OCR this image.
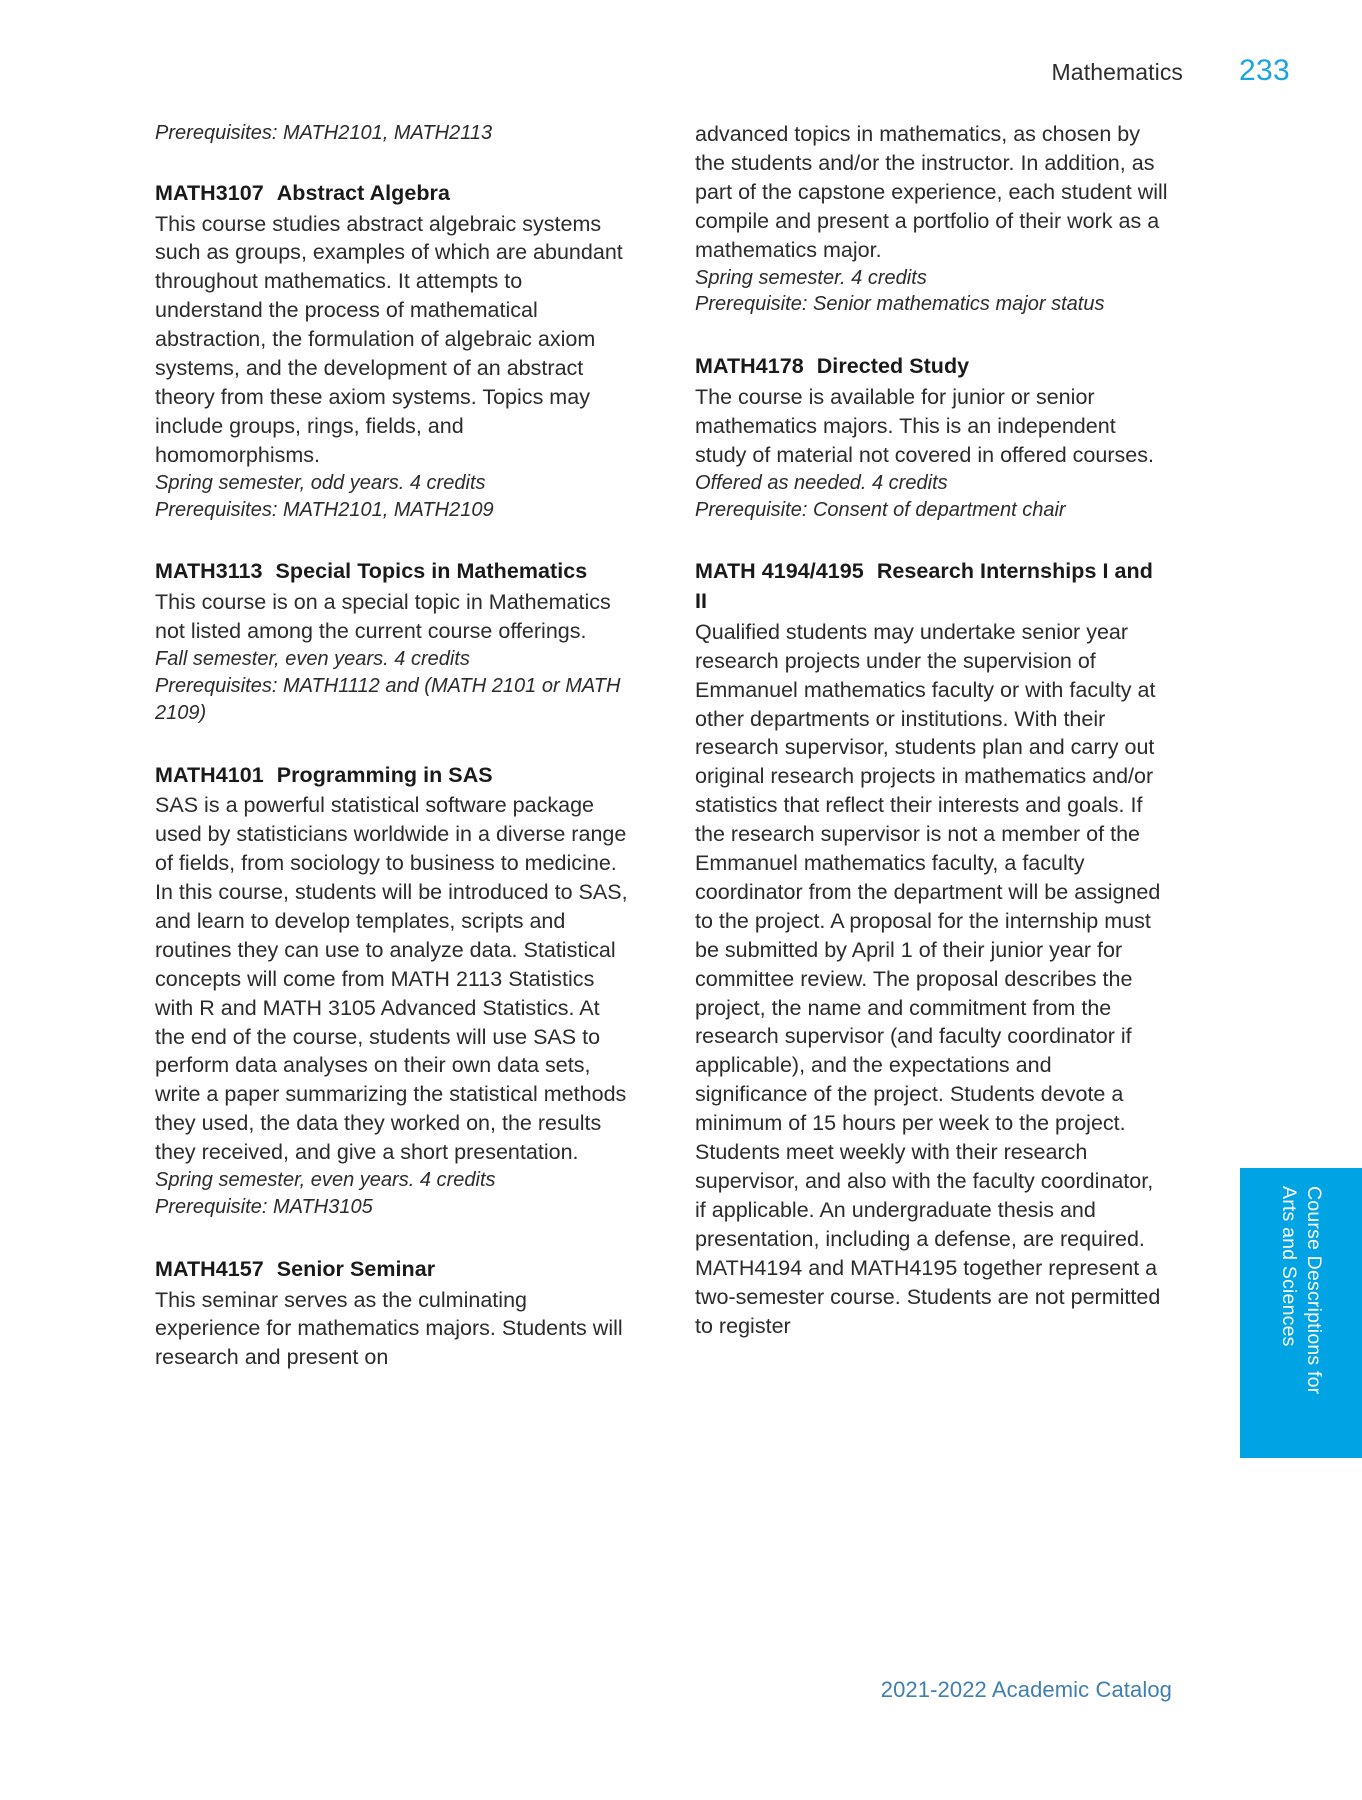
Mathematics 233

Prerequisites: MATH2101, MATH2113

MATH3107 Abstract Algebra

This course studies abstract algebraic systems such as groups, examples of which are abundant throughout mathematics. It attempts to understand the process of mathematical abstraction, the formulation of algebraic axiom systems, and the development of an abstract theory from these axiom systems. Topics may include groups, rings, fields, and homomorphisms.

Spring semester, odd years. 4 credits

Prerequisites: MATH2101, MATH2109

MATH3113 Special Topics in Mathematics

This course is on a special topic in Mathematics not listed among the current course offerings.

Fall semester, even years. 4 credits

Prerequisites: MATH1112 and (MATH 2101 or MATH 2109)

MATH4101 Programming in SAS

SAS is a powerful statistical software package used by statisticians worldwide in a diverse range of fields, from sociology to business to medicine. In this course, students will be introduced to SAS, and learn to develop templates, scripts and routines they can use to analyze data. Statistical concepts will come from MATH 2113 Statistics with R and MATH 3105 Advanced Statistics. At the end of the course, students will use SAS to perform data analyses on their own data sets, write a paper summarizing the statistical methods they used, the data they worked on, the results they received, and give a short presentation.

Spring semester, even years. 4 credits

Prerequisite: MATH3105

MATH4157 Senior Seminar

This seminar serves as the culminating experience for mathematics majors. Students will research and present on

advanced topics in mathematics, as chosen by the students and/or the instructor. In addition, as part of the capstone experience, each student will compile and present a portfolio of their work as a mathematics major.

Spring semester. 4 credits

Prerequisite: Senior mathematics major status

MATH4178 Directed Study

The course is available for junior or senior mathematics majors. This is an independent study of material not covered in offered courses.

Offered as needed. 4 credits

Prerequisite: Consent of department chair

MATH 4194/4195 Research Internships I and II

Qualified students may undertake senior year research projects under the supervision of Emmanuel mathematics faculty or with faculty at other departments or institutions. With their research supervisor, students plan and carry out original research projects in mathematics and/or statistics that reflect their interests and goals. If the research supervisor is not a member of the Emmanuel mathematics faculty, a faculty coordinator from the department will be assigned to the project. A proposal for the internship must be submitted by April 1 of their junior year for committee review. The proposal describes the project, the name and commitment from the research supervisor (and faculty coordinator if applicable), and the expectations and significance of the project. Students devote a minimum of 15 hours per week to the project. Students meet weekly with their research supervisor, and also with the faculty coordinator, if applicable. An undergraduate thesis and presentation, including a defense, are required. MATH4194 and MATH4195 together represent a two-semester course. Students are not permitted to register	Course Descriptions for
Arts and Sciences
2021-2022 Academic Catalog
